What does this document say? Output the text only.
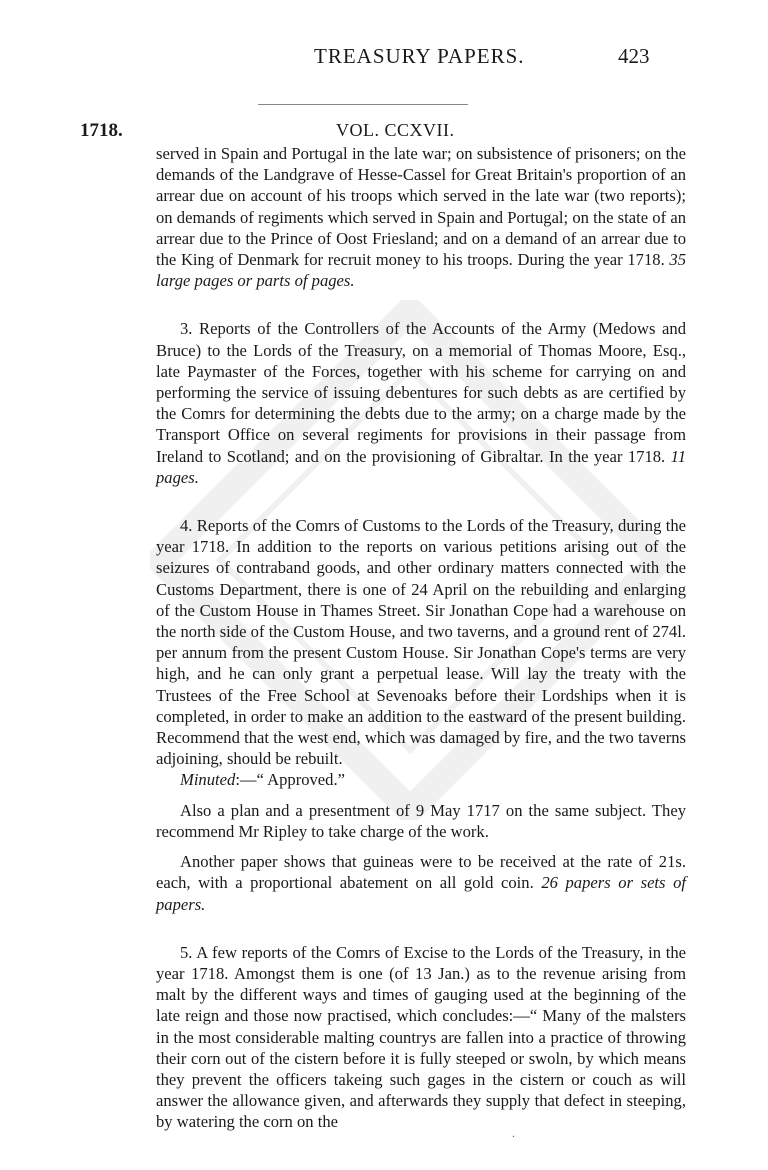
TREASURY PAPERS.	423
1718.	VOL. CCXVII.

served in Spain and Portugal in the late war; on subsistence of prisoners; on the demands of the Landgrave of Hesse-Cassel for Great Britain's proportion of an arrear due on account of his troops which served in the late war (two reports); on demands of regiments which served in Spain and Portugal; on the state of an arrear due to the Prince of Oost Friesland; and on a demand of an arrear due to the King of Denmark for recruit money to his troops. During the year 1718. 35 large pages or parts of pages.

3. Reports of the Controllers of the Accounts of the Army (Medows and Bruce) to the Lords of the Treasury, on a memorial of Thomas Moore, Esq., late Paymaster of the Forces, together with his scheme for carrying on and performing the service of issuing debentures for such debts as are certified by the Comrs for determining the debts due to the army; on a charge made by the Transport Office on several regiments for provisions in their passage from Ireland to Scotland; and on the provisioning of Gibraltar. In the year 1718. 11 pages.

4. Reports of the Comrs of Customs to the Lords of the Treasury, during the year 1718. In addition to the reports on various petitions arising out of the seizures of contraband goods, and other ordinary matters connected with the Customs Department, there is one of 24 April on the rebuilding and enlarging of the Custom House in Thames Street. Sir Jonathan Cope had a warehouse on the north side of the Custom House, and two taverns, and a ground rent of 274l. per annum from the present Custom House. Sir Jonathan Cope's terms are very high, and he can only grant a perpetual lease. Will lay the treaty with the Trustees of the Free School at Sevenoaks before their Lordships when it is completed, in order to make an addition to the eastward of the present building. Recommend that the west end, which was damaged by fire, and the two taverns adjoining, should be rebuilt.

Minuted:—“ Approved.”

Also a plan and a presentment of 9 May 1717 on the same subject. They recommend Mr Ripley to take charge of the work.

Another paper shows that guineas were to be received at the rate of 21s. each, with a proportional abatement on all gold coin. 26 papers or sets of papers.

5. A few reports of the Comrs of Excise to the Lords of the Treasury, in the year 1718. Amongst them is one (of 13 Jan.) as to the revenue arising from malt by the different ways and times of gauging used at the beginning of the late reign and those now practised, which concludes:—“ Many of the malsters in the most considerable malting countrys are fallen into a practice of throwing their corn out of the cistern before it is fully steeped or swoln, by which means they prevent the officers takeing such gages in the cistern or couch as will answer the allowance given, and afterwards they supply that defect in steeping, by watering the corn on the

.
